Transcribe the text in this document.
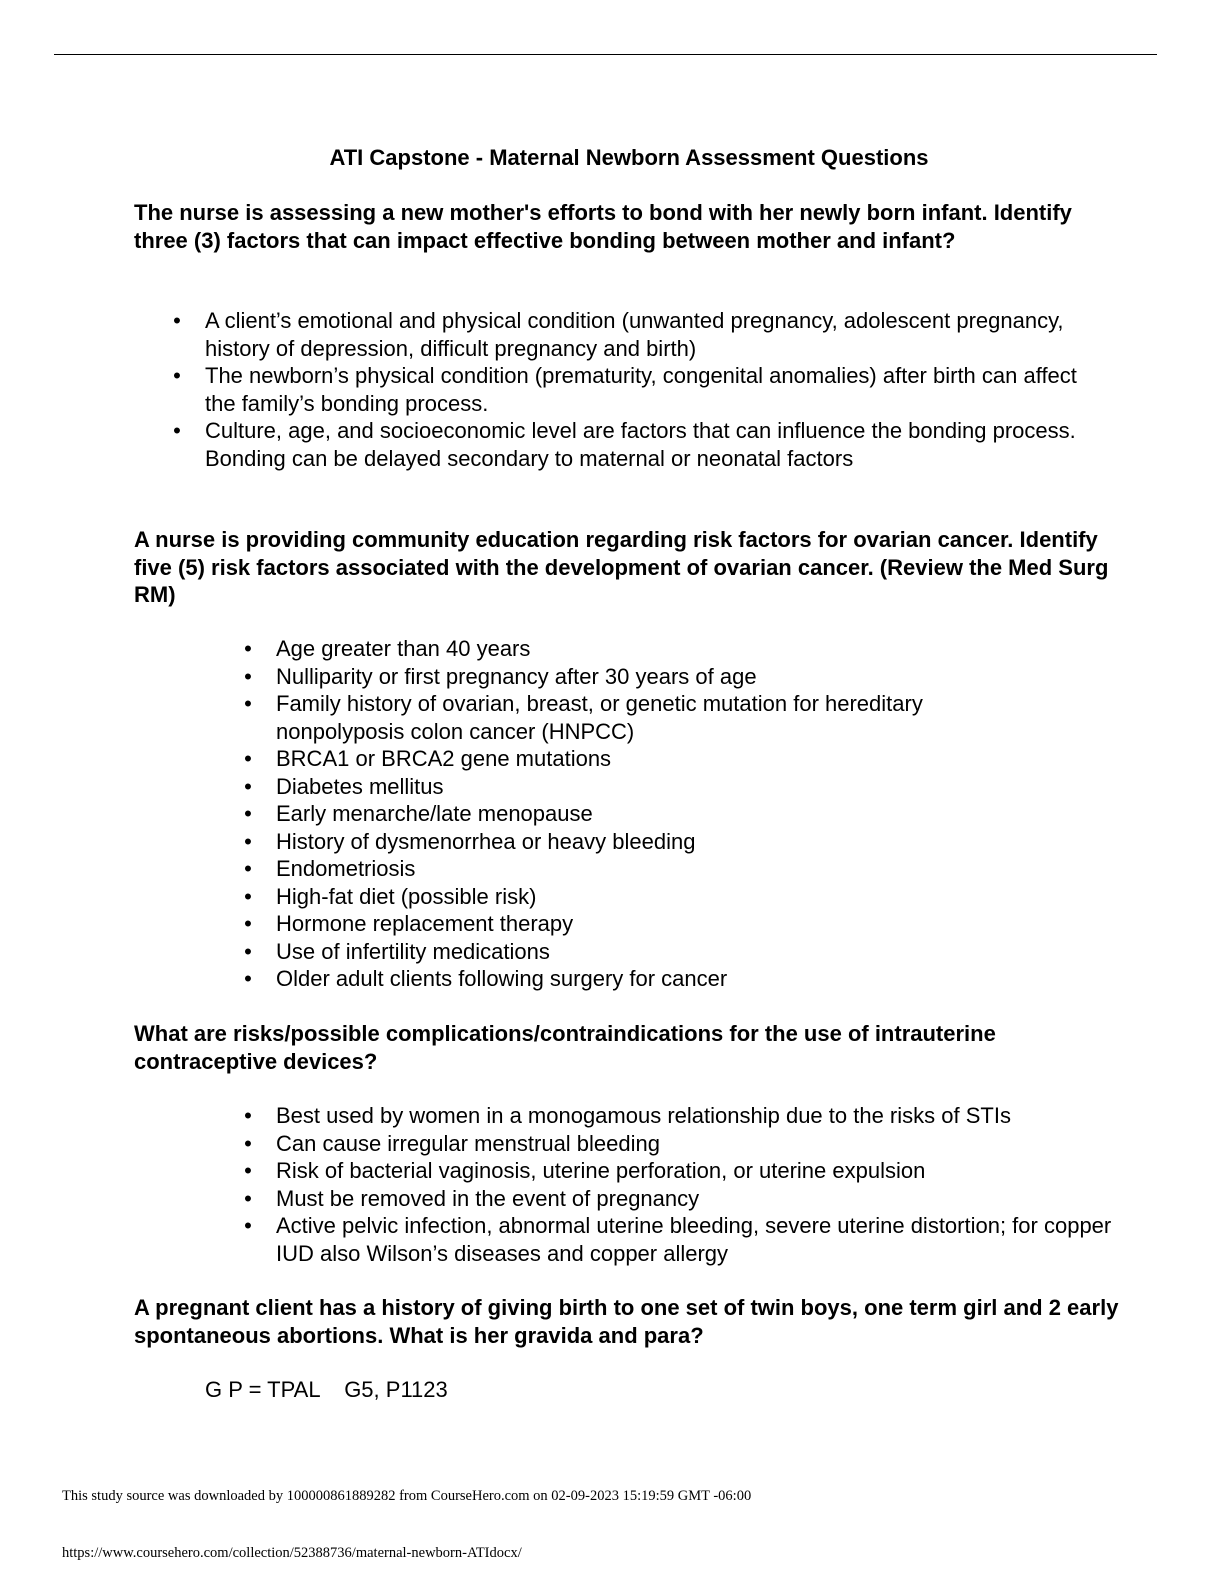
ATI Capstone - Maternal Newborn Assessment Questions

The nurse is assessing a new mother's efforts to bond with her newly born infant. Identify three (3) factors that can impact effective bonding between mother and infant?

• A client’s emotional and physical condition (unwanted pregnancy, adolescent pregnancy, history of depression, difficult pregnancy and birth)
• The newborn’s physical condition (prematurity, congenital anomalies) after birth can affect the family’s bonding process.
• Culture, age, and socioeconomic level are factors that can influence the bonding process. Bonding can be delayed secondary to maternal or neonatal factors

A nurse is providing community education regarding risk factors for ovarian cancer. Identify five (5) risk factors associated with the development of ovarian cancer. (Review the Med Surg RM)

• Age greater than 40 years
• Nulliparity or first pregnancy after 30 years of age
• Family history of ovarian, breast, or genetic mutation for hereditary nonpolyposis colon cancer (HNPCC)
• BRCA1 or BRCA2 gene mutations
• Diabetes mellitus
• Early menarche/late menopause
• History of dysmenorrhea or heavy bleeding
• Endometriosis
• High-fat diet (possible risk)
• Hormone replacement therapy
• Use of infertility medications
• Older adult clients following surgery for cancer

What are risks/possible complications/contraindications for the use of intrauterine contraceptive devices?

• Best used by women in a monogamous relationship due to the risks of STIs
• Can cause irregular menstrual bleeding
• Risk of bacterial vaginosis, uterine perforation, or uterine expulsion
• Must be removed in the event of pregnancy
• Active pelvic infection, abnormal uterine bleeding, severe uterine distortion; for copper IUD also Wilson’s diseases and copper allergy

A pregnant client has a history of giving birth to one set of twin boys, one term girl and 2 early spontaneous abortions. What is her gravida and para?

G P = TPAL    G5, P1123

This study source was downloaded by 100000861889282 from CourseHero.com on 02-09-2023 15:19:59 GMT -06:00

https://www.coursehero.com/collection/52388736/maternal-newborn-ATIdocx/
